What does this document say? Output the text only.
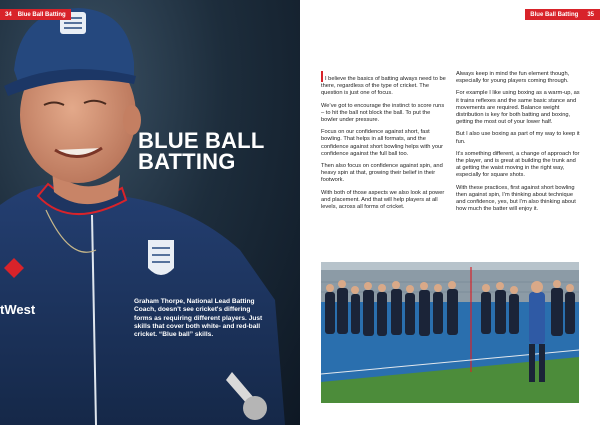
34 Blue Ball Batting
tWest
BLUE BALL
BATTING
Graham Thorpe, National Lead Batting Coach, doesn't see cricket's differing forms as requiring different players. Just skills that cover both white- and red-ball cricket. “Blue ball” skills.
Blue Ball Batting 35

I believe the basics of batting always need to be there, regardless of the type of cricket. The question is just one of focus.

We’ve got to encourage the instinct to score runs – to hit the ball not block the ball. To put the bowler under pressure.

Focus on our confidence against short, fast bowling. That helps in all formats, and the confidence against short bowling helps with your confidence against the full ball too.

Then also focus on confidence against spin, and heavy spin at that, growing their belief in their footwork.

With both of those aspects we also look at power and placement. And that will help players at all levels, across all forms of cricket.

Always keep in mind the fun element though, especially for young players coming through.

For example I like using boxing as a warm-up, as it trains reflexes and the same basic stance and movements are required. Balance weight distribution is key for both batting and boxing, getting the most out of your lower half.

But I also use boxing as part of my way to keep it fun.

It’s something different, a change of approach for the player, and is great at building the trunk and at getting the waist moving in the right way, especially for square shots.

With these practices, first against short bowling then against spin, I’m thinking about technique and confidence, yes, but I’m also thinking about how much the batter will enjoy it.
